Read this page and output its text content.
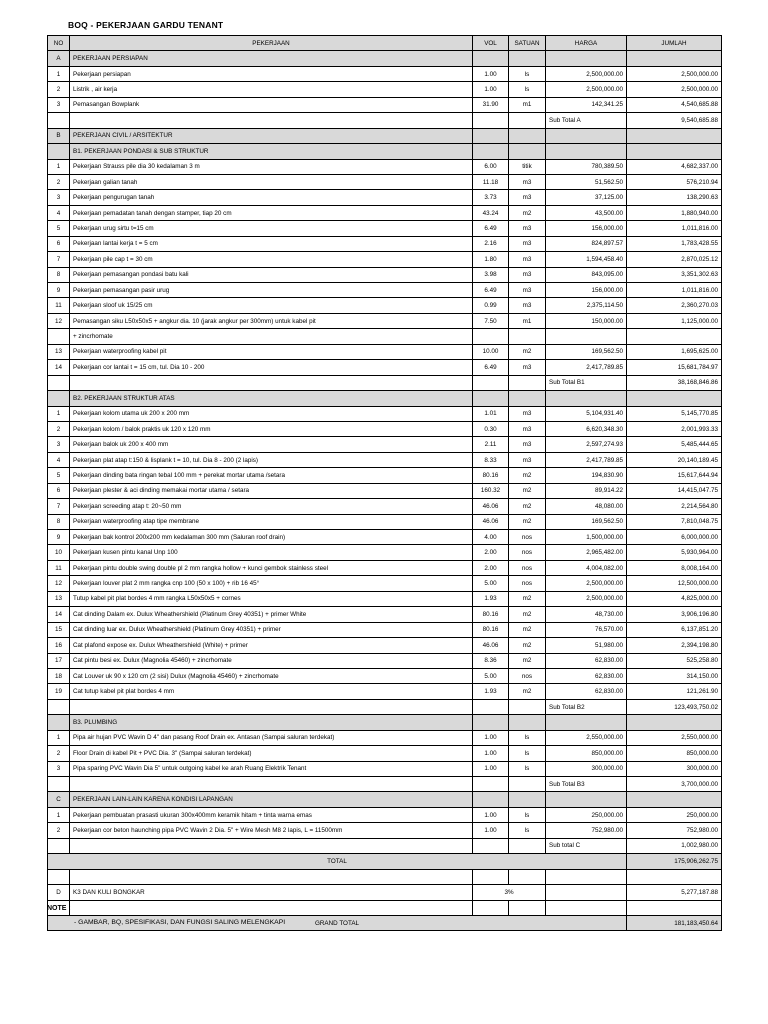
BOQ - PEKERJAAN GARDU TENANT
NO	PEKERJAAN	VOL	SATUAN	HARGA	JUMLAH
A	PEKERJAAN PERSIAPAN				
1	Pekerjaan persiapan	1.00	ls	2,500,000.00	2,500,000.00
2	Listrik , air kerja	1.00	ls	2,500,000.00	2,500,000.00
3	Pemasangan Bowplank	31.90	m1	142,341.25	4,540,685.88
				Sub Total A	9,540,685.88
B	PEKERJAAN CIVIL / ARSITEKTUR				
	B1. PEKERJAAN PONDASI & SUB STRUKTUR				
1	Pekerjaan Strauss pile dia 30 kedalaman 3 m	6.00	titik	780,389.50	4,682,337.00
2	Pekerjaan galian tanah	11.18	m3	51,562.50	576,210.94
3	Pekerjaan pengurugan tanah	3.73	m3	37,125.00	138,290.63
4	Pekerjaan pemadatan tanah dengan stamper, tiap 20 cm	43.24	m2	43,500.00	1,880,940.00
5	Pekerjaan urug sirtu t=15 cm	6.49	m3	156,000.00	1,011,816.00
6	Pekerjaan lantai kerja t = 5 cm	2.16	m3	824,897.57	1,783,428.55
7	Pekerjaan pile cap t = 30 cm	1.80	m3	1,594,458.40	2,870,025.12
8	Pekerjaan pemasangan pondasi batu kali	3.98	m3	843,095.00	3,351,302.63
9	Pekerjaan pemasangan pasir urug	6.49	m3	156,000.00	1,011,816.00
11	Pekerjaan sloof uk 15/25 cm	0.99	m3	2,375,114.50	2,360,270.03
12	Pemasangan siku L50x50x5 + angkur dia. 10 (jarak angkur per 300mm) untuk kabel pit	7.50	m1	150,000.00	1,125,000.00
	+ zincrhomate				
13	Pekerjaan waterproofing kabel pit	10.00	m2	169,562.50	1,695,625.00
14	Pekerjaan cor lantai t = 15 cm, tul. Dia 10 - 200	6.49	m3	2,417,789.85	15,681,784.97
				Sub Total B1	38,168,846.86
	B2. PEKERJAAN STRUKTUR ATAS				
1	Pekerjaan kolom utama uk 200 x 200 mm	1.01	m3	5,104,931.40	5,145,770.85
2	Pekerjaan kolom / balok praktis uk 120 x 120 mm	0.30	m3	6,620,348.30	2,001,993.33
3	Pekerjaan balok uk 200 x 400 mm	2.11	m3	2,597,274.93	5,485,444.65
4	Pekerjaan plat atap t:150 & lisplank t = 10, tul. Dia 8 - 200 (2 lapis)	8.33	m3	2,417,789.85	20,140,189.45
5	Pekerjaan dinding bata ringan tebal 100 mm + perekat mortar utama /setara	80.16	m2	194,830.90	15,617,644.94
6	Pekerjaan plester & aci dinding memakai mortar utama / setara	160.32	m2	89,914.22	14,415,047.75
7	Pekerjaan screeding atap t: 20~50 mm	46.06	m2	48,080.00	2,214,564.80
8	Pekerjaan waterproofing atap tipe membrane	46.06	m2	169,562.50	7,810,048.75
9	Pekerjaan bak kontrol 200x200 mm kedalaman 300 mm (Saluran roof drain)	4.00	nos	1,500,000.00	6,000,000.00
10	Pekerjaan kusen pintu kanal Unp 100	2.00	nos	2,965,482.00	5,930,964.00
11	Pekerjaan pintu double swing double pl 2 mm rangka hollow + kunci gembok stainless steel	2.00	nos	4,004,082.00	8,008,164.00
12	Pekerjaan louver plat 2 mm rangka cnp 100 (50 x 100) + rib 16 45°	5.00	nos	2,500,000.00	12,500,000.00
13	Tutup kabel pit plat bordes 4 mm rangka L50x50x5 + cornes	1.93	m2	2,500,000.00	4,825,000.00
14	Cat dinding Dalam ex. Dulux Wheathershield (Platinum Grey 40351) + primer White	80.16	m2	48,730.00	3,906,196.80
15	Cat dinding luar ex. Dulux Wheathershield (Platinum Grey 40351) + primer	80.16	m2	76,570.00	6,137,851.20
16	Cat plafond expose ex. Dulux Wheathershield (White) + primer	46.06	m2	51,980.00	2,394,198.80
17	Cat pintu besi ex. Dulux (Magnolia 45460) + zincrhomate	8.36	m2	62,830.00	525,258.80
18	Cat Louver uk 90 x 120 cm (2 sisi) Dulux (Magnolia 45460) + zincrhomate	5.00	nos	62,830.00	314,150.00
19	Cat tutup kabel pit plat bordes 4 mm	1.93	m2	62,830.00	121,261.90
				Sub Total B2	123,493,750.02
	B3. PLUMBING				
1	Pipa air hujan PVC Wavin D 4" dan pasang Roof Drain ex. Antasan (Sampai saluran terdekat)	1.00	ls	2,550,000.00	2,550,000.00
2	Floor Drain di kabel Pit + PVC Dia. 3" (Sampai saluran terdekat)	1.00	ls	850,000.00	850,000.00
3	Pipa sparing PVC Wavin Dia 5" untuk outgoing kabel ke arah Ruang Elektrik Tenant	1.00	ls	300,000.00	300,000.00
				Sub Total B3	3,700,000.00
C	PEKERJAAN LAIN-LAIN KARENA KONDISI LAPANGAN				
1	Pekerjaan pembuatan prasasti ukuran 300x400mm keramik hitam + tinta warna emas	1.00	ls	250,000.00	250,000.00
2	Pekerjaan cor beton haunching pipa PVC Wavin 2 Dia. 5" + Wire Mesh M8 2 lapis, L = 11500mm	1.00	ls	752,980.00	752,980.00
				Sub total C	1,002,980.00
TOTAL					175,906,262.75

D	K3 DAN KULI BONGKAR	3%			5,277,187.88

GRAND TOTAL					181,183,450.64
NOTE :
- GAMBAR, BQ, SPESIFIKASI, DAN FUNGSI SALING MELENGKAPI
